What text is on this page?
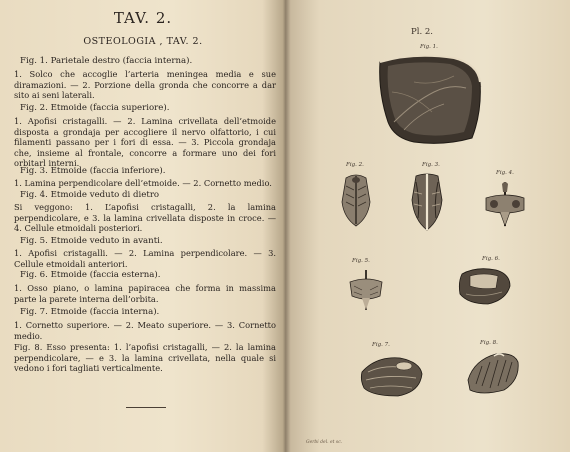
TAV. 2.
OSTEOLOGIA , TAV. 2.
Fig. 1. Parietale destro (faccia interna).
1. Solco che accoglie l’arteria meningea media e sue diramazioni. — 2. Porzione della gronda che concorre a dar sito ai seni laterali.
Fig. 2. Etmoide (faccia superiore).
1. Apofisi cristagalli. — 2. Lamina crivellata dell’etmoide disposta a grondaja per accogliere il nervo olfattorio, i cui filamenti passano per i fori di essa. — 3. Piccola grondaja che, insieme al frontale, concorre a formare uno dei fori orbitarl interni.
Fig. 3. Etmoide (faccia inferiore).
1. Lamina perpendicolare dell’etmoide. — 2. Cornetto medio.
Fig. 4. Etmoide veduto di dietro
Si veggono: 1. L’apofisi cristagalli, 2. la lamina perpendicolare, e 3. la lamina crivellata disposte in croce. — 4. Cellule etmoidali posteriori.
Fig. 5. Etmoide veduto in avanti.
1. Apofisi cristagalli. — 2. Lamina perpendicolare. — 3. Cellule etmoidali anteriori.
Fig. 6. Etmoide (faccia esterna).
1. Osso piano, o lamina papiracea che forma in massima parte la parete interna dell’orbita.
Fig. 7. Etmoide (faccia interna).
1. Cornetto superiore. — 2. Meato superiore. — 3. Cornetto medio.
Fig. 8. Esso presenta: 1. l’apofisi cristagalli, — 2. la lamina perpendicolare, — e 3. la lamina crivellata, nella quale si vedono i fori tagliati verticalmente.
Pl. 2.
Fig. 1.
1
Fig. 2.	Fig. 3.
Fig. 4.
Fig. 5.	Fig. 6.
Fig. 7.	Fig. 8.
Gerbi del. et sc.
